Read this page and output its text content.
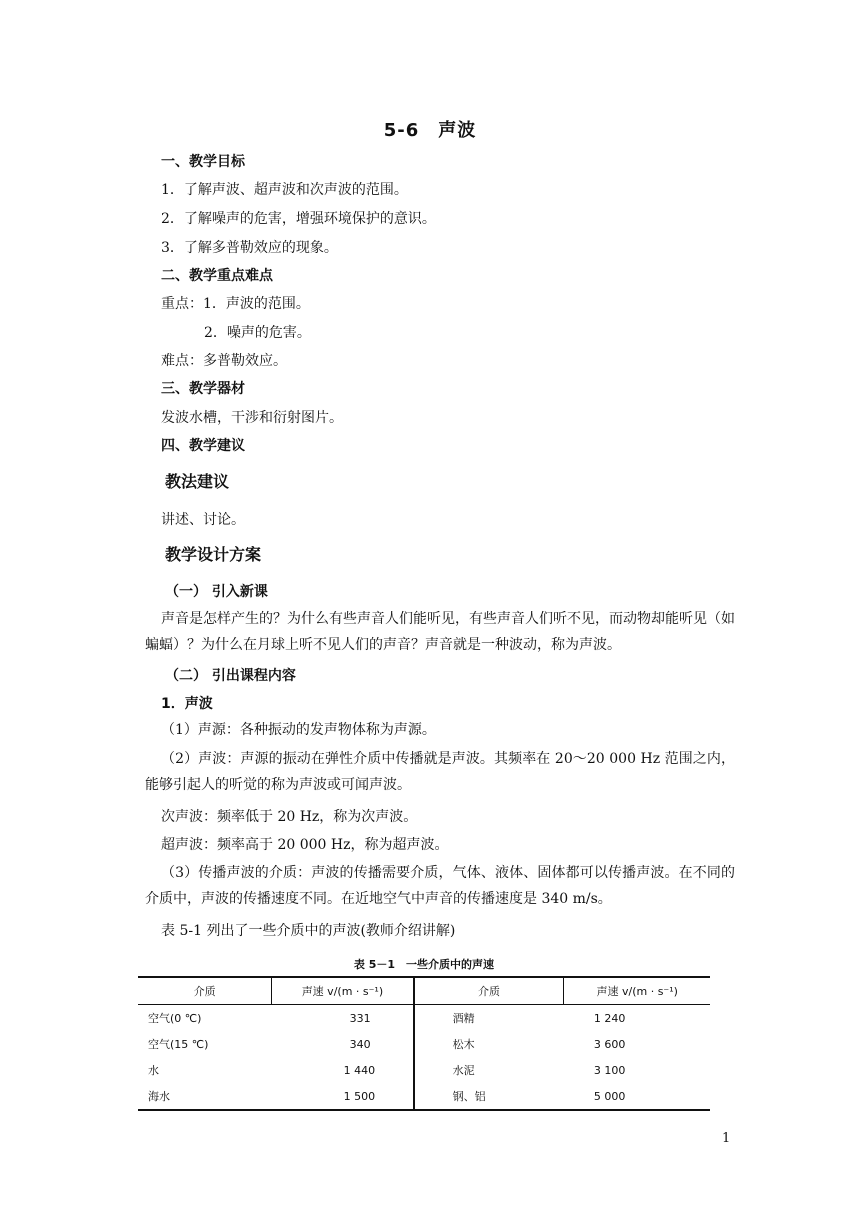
5-6　声波
一、教学目标
1．了解声波、超声波和次声波的范围。
2．了解噪声的危害，增强环境保护的意识。
3．了解多普勒效应的现象。
二、教学重点难点
重点：1．声波的范围。
2．噪声的危害。
难点：多普勒效应。
三、教学器材
发波水槽，干涉和衍射图片。
四、教学建议
教法建议
讲述、讨论。
教学设计方案
（一） 引入新课
声音是怎样产生的？为什么有些声音人们能听见，有些声音人们听不见，而动物却能听见（如蝙蝠）？为什么在月球上听不见人们的声音？声音就是一种波动，称为声波。
（二） 引出课程内容
1．声波
（1）声源：各种振动的发声物体称为声源。
（2）声波：声源的振动在弹性介质中传播就是声波。其频率在 20～20 000 Hz 范围之内，能够引起人的听觉的称为声波或可闻声波。
次声波：频率低于 20 Hz，称为次声波。
超声波：频率高于 20 000 Hz，称为超声波。
（3）传播声波的介质：声波的传播需要介质，气体、液体、固体都可以传播声波。在不同的介质中，声波的传播速度不同。在近地空气中声音的传播速度是 340 m/s。
表 5-1 列出了一些介质中的声波(教师介绍讲解)
表 5－1　一些介质中的声速
介质	声速 v/(m · s⁻¹)	介质	声速 v/(m · s⁻¹)
空气(0 ℃)	331	酒精	1 240
空气(15 ℃)	340	松木	3 600
水	1 440	水泥	3 100
海水	1 500	钢、铝	5 000
1
